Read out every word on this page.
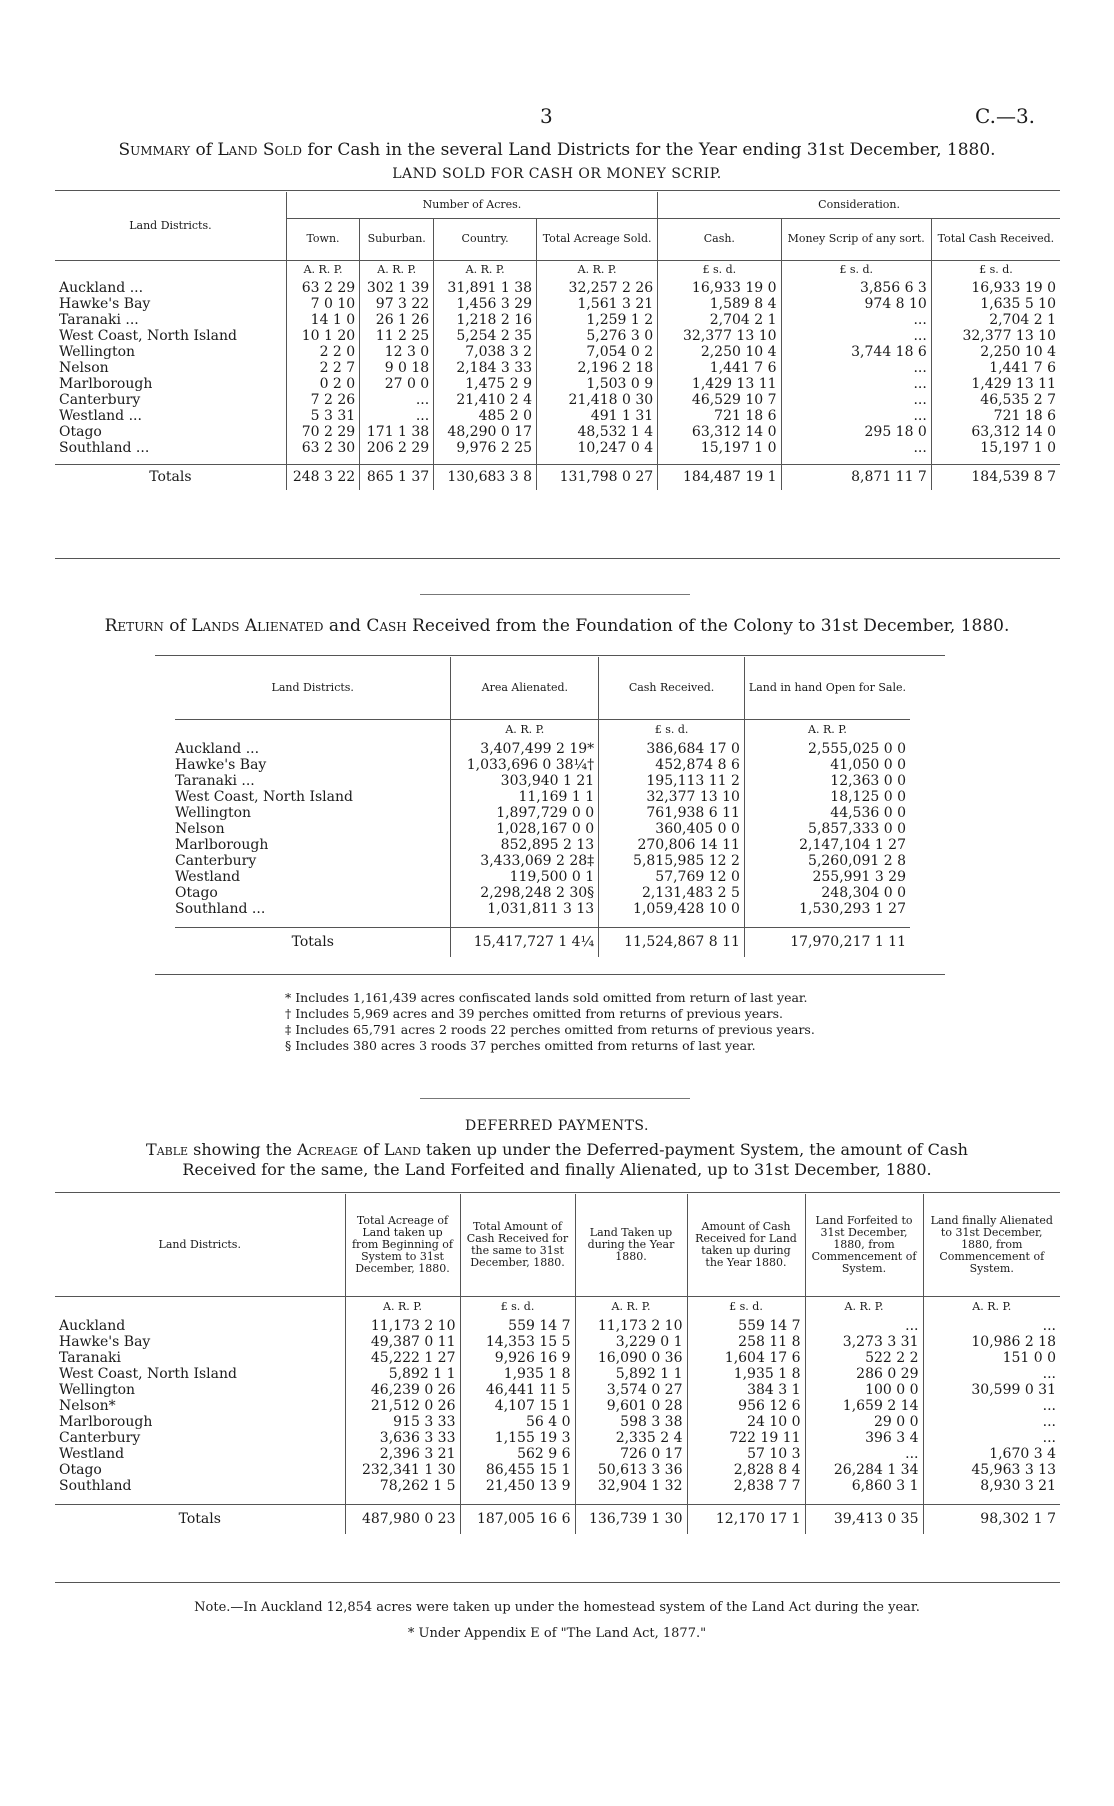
3	C.—3.
Summary of Land Sold for Cash in the several Land Districts for the Year ending 31st December, 1880.
LAND SOLD FOR CASH OR MONEY SCRIP.
Land Districts.	Number of Acres.				Consideration.		
	Town.	Suburban.	Country.	Total Acreage Sold.	Cash.	Money Scrip of any sort.	Total Cash Received.
	A. R. P.	A. R. P.	A. R. P.	A. R. P.	£ s. d.	£ s. d.	£ s. d.
Auckland ...	63 2 29	302 1 39	31,891 1 38	32,257 2 26	16,933 19 0	3,856 6 3	16,933 19 0
Hawke's Bay	7 0 10	97 3 22	1,456 3 29	1,561 3 21	1,589 8 4	974 8 10	1,635 5 10
Taranaki ...	14 1 0	26 1 26	1,218 2 16	1,259 1 2	2,704 2 1	...	2,704 2 1
West Coast, North Island	10 1 20	11 2 25	5,254 2 35	5,276 3 0	32,377 13 10	...	32,377 13 10
Wellington	2 2 0	12 3 0	7,038 3 2	7,054 0 2	2,250 10 4	3,744 18 6	2,250 10 4
Nelson	2 2 7	9 0 18	2,184 3 33	2,196 2 18	1,441 7 6	...	1,441 7 6
Marlborough	0 2 0	27 0 0	1,475 2 9	1,503 0 9	1,429 13 11	...	1,429 13 11
Canterbury	7 2 26	...	21,410 2 4	21,418 0 30	46,529 10 7	...	46,535 2 7
Westland ...	5 3 31	...	485 2 0	491 1 31	721 18 6	...	721 18 6
Otago	70 2 29	171 1 38	48,290 0 17	48,532 1 4	63,312 14 0	295 18 0	63,312 14 0
Southland ...	63 2 30	206 2 29	9,976 2 25	10,247 0 4	15,197 1 0	...	15,197 1 0

Totals	248 3 22	865 1 37	130,683 3 8	131,798 0 27	184,487 19 1	8,871 11 7	184,539 8 7
Return of Lands Alienated and Cash Received from the Foundation of the Colony to 31st December, 1880.
Land Districts.	Area Alienated.	Cash Received.	Land in hand Open for Sale.
	A. R. P.	£ s. d.	A. R. P.
Auckland ...	3,407,499 2 19*	386,684 17 0	2,555,025 0 0
Hawke's Bay	1,033,696 0 38¼†	452,874 8 6	41,050 0 0
Taranaki ...	303,940 1 21	195,113 11 2	12,363 0 0
West Coast, North Island	11,169 1 1	32,377 13 10	18,125 0 0
Wellington	1,897,729 0 0	761,938 6 11	44,536 0 0
Nelson	1,028,167 0 0	360,405 0 0	5,857,333 0 0
Marlborough	852,895 2 13	270,806 14 11	2,147,104 1 27
Canterbury	3,433,069 2 28‡	5,815,985 12 2	5,260,091 2 8
Westland	119,500 0 1	57,769 12 0	255,991 3 29
Otago	2,298,248 2 30§	2,131,483 2 5	248,304 0 0
Southland ...	1,031,811 3 13	1,059,428 10 0	1,530,293 1 27

Totals	15,417,727 1 4¼	11,524,867 8 11	17,970,217 1 11
* Includes 1,161,439 acres confiscated lands sold omitted from return of last year.
† Includes 5,969 acres and 39 perches omitted from returns of previous years.
‡ Includes 65,791 acres 2 roods 22 perches omitted from returns of previous years.
§ Includes 380 acres 3 roods 37 perches omitted from returns of last year.
DEFERRED PAYMENTS.
Table showing the Acreage of Land taken up under the Deferred-payment System, the amount of Cash
Received for the same, the Land Forfeited and finally Alienated, up to 31st December, 1880.
Land Districts.	Total Acreage of Land taken up from Beginning of System to 31st December, 1880.	Total Amount of Cash Received for the same to 31st December, 1880.	Land Taken up during the Year 1880.	Amount of Cash Received for Land taken up during the Year 1880.	Land Forfeited to 31st December, 1880, from Commencement of System.	Land finally Alienated to 31st December, 1880, from Commencement of System.
	A. R. P.	£ s. d.	A. R. P.	£ s. d.	A. R. P.	A. R. P.
Auckland	11,173 2 10	559 14 7	11,173 2 10	559 14 7	...	...
Hawke's Bay	49,387 0 11	14,353 15 5	3,229 0 1	258 11 8	3,273 3 31	10,986 2 18
Taranaki	45,222 1 27	9,926 16 9	16,090 0 36	1,604 17 6	522 2 2	151 0 0
West Coast, North Island	5,892 1 1	1,935 1 8	5,892 1 1	1,935 1 8	286 0 29	...
Wellington	46,239 0 26	46,441 11 5	3,574 0 27	384 3 1	100 0 0	30,599 0 31
Nelson*	21,512 0 26	4,107 15 1	9,601 0 28	956 12 6	1,659 2 14	...
Marlborough	915 3 33	56 4 0	598 3 38	24 10 0	29 0 0	...
Canterbury	3,636 3 33	1,155 19 3	2,335 2 4	722 19 11	396 3 4	...
Westland	2,396 3 21	562 9 6	726 0 17	57 10 3	...	1,670 3 4
Otago	232,341 1 30	86,455 15 1	50,613 3 36	2,828 8 4	26,284 1 34	45,963 3 13
Southland	78,262 1 5	21,450 13 9	32,904 1 32	2,838 7 7	6,860 3 1	8,930 3 21

Totals	487,980 0 23	187,005 16 6	136,739 1 30	12,170 17 1	39,413 0 35	98,302 1 7
Note.—In Auckland 12,854 acres were taken up under the homestead system of the Land Act during the year.
* Under Appendix E of "The Land Act, 1877."
